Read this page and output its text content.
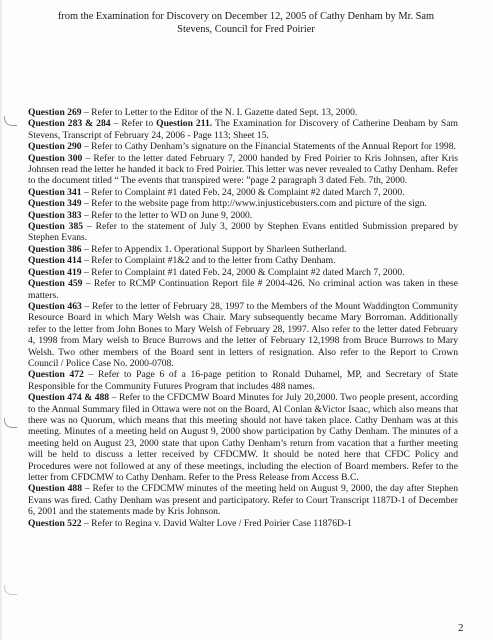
from the Examination for Discovery on December 12, 2005 of Cathy Denham by Mr. Sam Stevens, Council for Fred Poirier

Question 269 – Refer to Letter to the Editor of the N. I. Gazette dated Sept. 13, 2000.

Question 283 & 284 – Refer to Question 211. The Examination for Discovery of Catherine Denham by Sam Stevens, Transcript of February 24, 2006 - Page 113; Sheet 15.

Question 290 – Refer to Cathy Denham’s signature on the Financial Statements of the Annual Report for 1998.

Question 300 – Refer to the letter dated February 7, 2000 handed by Fred Poirier to Kris Johnsen, after Kris Johnsen read the letter he handed it back to Fred Poirier. This letter was never revealed to Cathy Denham. Refer to the document titled “ The events that transpired were: ”page 2 paragraph 3 dated Feb. 7th, 2000.

Question 341 – Refer to Complaint #1 dated Feb. 24, 2000 & Complaint #2 dated March 7, 2000.

Question 349 – Refer to the website page from http://www.injusticebusters.com and picture of the sign.

Question 383 – Refer to the letter to WD on June 9, 2000.

Question 385 – Refer to the statement of July 3, 2000 by Stephen Evans entitled Submission prepared by Stephen Evans.

Question 386 – Refer to Appendix 1. Operational Support by Sharleen Sutherland.

Question 414 – Refer to Complaint #1&2 and to the letter from Cathy Denham.

Question 419 – Refer to Complaint #1 dated Feb. 24, 2000 & Complaint #2 dated March 7, 2000.

Question 459 – Refer to RCMP Continuation Report file # 2004-426. No criminal action was taken in these matters.

Question 463 – Refer to the letter of February 28, 1997 to the Members of the Mount Waddington Community Resource Board in which Mary Welsh was Chair. Mary subsequently became Mary Borroman. Additionally refer to the letter from John Bones to Mary Welsh of February 28, 1997. Also refer to the letter dated February 4, 1998 from Mary welsh to Bruce Burrows and the letter of February 12,1998 from Bruce Burrows to Mary Welsh. Two other members of the Board sent in letters of resignation. Also refer to the Report to Crown Council / Police Case No. 2000-0708.

Question 472 – Refer to Page 6 of a 16-page petition to Ronald Duhamel, MP, and Secretary of State Responsible for the Community Futures Program that includes 488 names.

Question 474 & 488 – Refer to the CFDCMW Board Minutes for July 20,2000. Two people present, according to the Annual Summary filed in Ottawa were not on the Board, Al Conlan &Victor Isaac, which also means that there was no Quorum, which means that this meeting should not have taken place. Cathy Denham was at this meeting. Minutes of a meeting held on August 9, 2000 show participation by Cathy Denham. The minutes of a meeting held on August 23, 2000 state that upon Cathy Denham’s return from vacation that a further meeting will be held to discuss a letter received by CFDCMW. It should be noted here that CFDC Policy and Procedures were not followed at any of these meetings, including the election of Board members. Refer to the letter from CFDCMW to Cathy Denham. Refer to the Press Release from Access B.C.

Question 488 – Refer to the CFDCMW minutes of the meeting held on August 9, 2000, the day after Stephen Evans was fired. Cathy Denham was present and participatory. Refer to Court Transcript 1187D-1 of December 6, 2001 and the statements made by Kris Johnson.

Question 522 – Refer to Regina v. David Walter Love / Fred Poirier Case 11876D-1

2
